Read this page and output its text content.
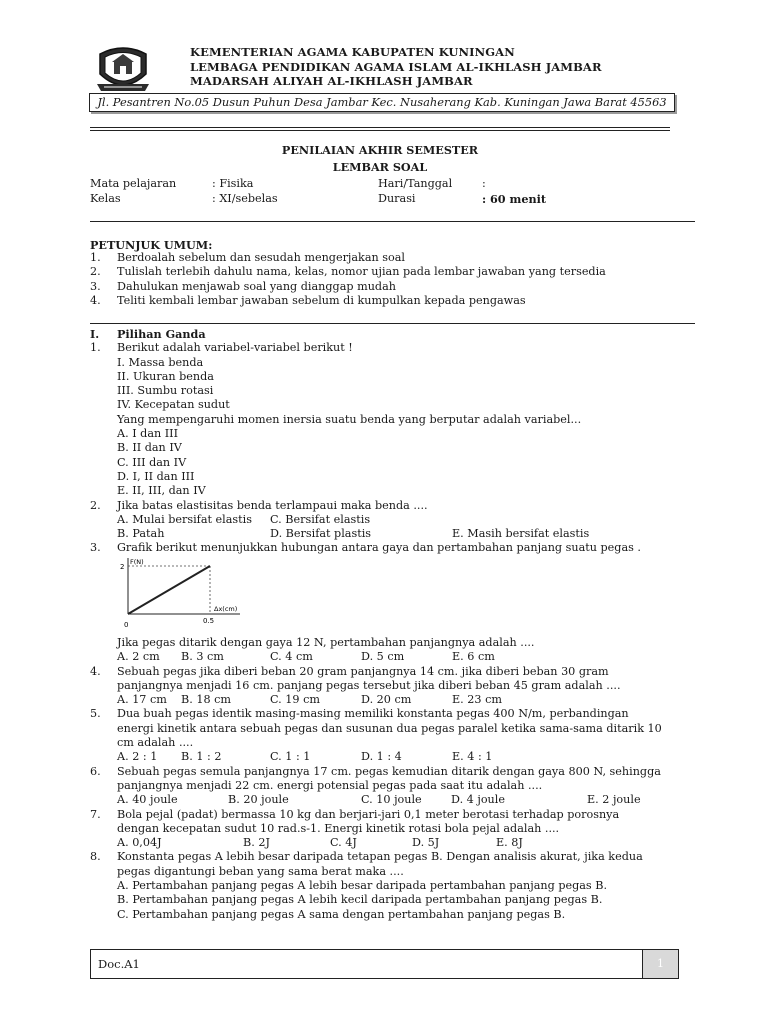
KEMENTERIAN AGAMA KABUPATEN KUNINGAN
LEMBAGA PENDIDIKAN AGAMA ISLAM AL-IKHLASH JAMBAR
MADARSAH ALIYAH AL-IKHLASH JAMBAR
Jl. Pesantren No.05 Dusun Puhun Desa Jambar Kec. Nusaherang Kab. Kuningan Jawa Barat 45563
PENILAIAN AKHIR SEMESTER
LEMBAR SOAL
Mata pelajaran	: Fisika	Hari/Tanggal	:
Kelas	: XI/sebelas	Durasi	: 60 menit
PETUNJUK UMUM:
1. Berdoalah sebelum dan sesudah mengerjakan soal
2. Tulislah terlebih dahulu nama, kelas, nomor ujian pada lembar jawaban yang tersedia
3. Dahulukan menjawab soal yang dianggap mudah
4. Teliti kembali lembar jawaban sebelum di kumpulkan kepada pengawas
I. Pilihan Ganda
1. Berikut adalah variabel-variabel berikut !
I. Massa benda
II. Ukuran benda
III. Sumbu rotasi
IV. Kecepatan sudut
Yang mempengaruhi momen inersia suatu benda yang berputar adalah variabel...
A. I dan III
B. II dan IV
C. III dan IV
D. I, II dan III
E. II, III, dan IV
2. Jika batas elastisitas benda terlampaui maka benda ....
A. Mulai bersifat elastis C. Bersifat elastis
B. Patah	D. Bersifat plastis	E. Masih bersifat elastis
3. Grafik berikut menunjukkan hubungan antara gaya dan pertambahan panjang suatu pegas .
F(N)
Δx(cm)
2
0.5
0
Jika pegas ditarik dengan gaya 12 N, pertambahan panjangnya adalah ....
A. 2 cm B. 3 cm	C. 4 cm	D. 5 cm	E. 6 cm
4. Sebuah pegas jika diberi beban 20 gram panjangnya 14 cm. jika diberi beban 30 gram
panjangnya menjadi 16 cm. panjang pegas tersebut jika diberi beban 45 gram adalah ....
A. 17 cm B. 18 cm	C. 19 cm	D. 20 cm	E. 23 cm
5. Dua buah pegas identik masing-masing memiliki konstanta pegas 400 N/m, perbandingan
energi kinetik antara sebuah pegas dan susunan dua pegas paralel ketika sama-sama ditarik 10
cm adalah ....
A. 2 : 1 B. 1 : 2	C. 1 : 1	D. 1 : 4	E. 4 : 1
6. Sebuah pegas semula panjangnya 17 cm. pegas kemudian ditarik dengan gaya 800 N, sehingga
panjangnya menjadi 22 cm. energi potensial pegas pada saat itu adalah ....
A. 40 joule	B. 20 joule	C. 10 joule	D. 4 joule	E. 2 joule
7. Bola pejal (padat) bermassa 10 kg dan berjari-jari 0,1 meter berotasi terhadap porosnya
dengan kecepatan sudut 10 rad.s-1. Energi kinetik rotasi bola pejal adalah ....
A. 0,04J	B. 2J	C. 4J	D. 5J	E. 8J
8. Konstanta pegas A lebih besar daripada tetapan pegas B. Dengan analisis akurat, jika kedua
pegas digantungi beban yang sama berat maka ....
A. Pertambahan panjang pegas A lebih besar daripada pertambahan panjang pegas B.
B. Pertambahan panjang pegas A lebih kecil daripada pertambahan panjang pegas B.
C. Pertambahan panjang pegas A sama dengan pertambahan panjang pegas B.
Doc.A1	1
